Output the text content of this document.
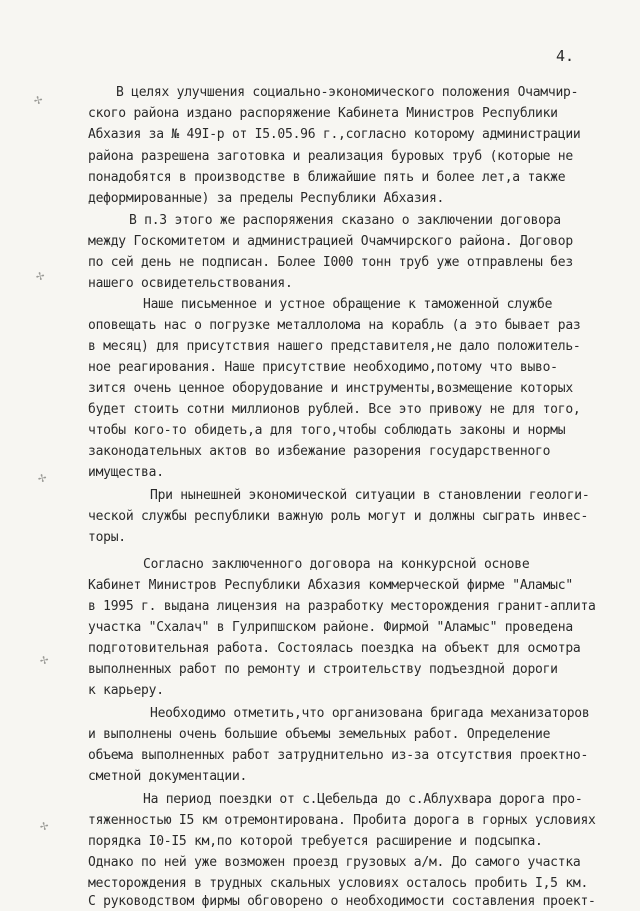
4.
В целях улучшения социально-экономического положения Очамчир-
ского района издано распоряжение Кабинета Министров Республики
Абхазия за № 49I-р от I5.05.96 г.,согласно которому администрации
района разрешена заготовка и реализация буровых труб (которые не
понадобятся в производстве в ближайшие пять и более лет,а также
деформированные) за пределы Республики Абхазия.
В п.3 этого же распоряжения сказано о заключении договора
между Госкомитетом и администрацией Очамчирского района. Договор
по сей день не подписан. Более I000 тонн труб уже отправлены без
нашего освидетельствования.
Наше письменное и устное обращение к таможенной службе
оповещать нас о погрузке металлолома на корабль (а это бывает раз
в месяц) для присутствия нашего представителя,не дало положитель-
ное реагирования. Наше присутствие необходимо,потому что выво-
зится очень ценное оборудование и инструменты,возмещение которых
будет стоить сотни миллионов рублей. Все это привожу не для того,
чтобы кого-то обидеть,а для того,чтобы соблюдать законы и нормы
законодательных актов во избежание разорения государственного
имущества.
При нынешней экономической ситуации в становлении геологи-
ческой службы республики важную роль могут и должны сыграть инвес-
торы.
Согласно заключенного договора на конкурсной основе
Кабинет Министров Республики Абхазия коммерческой фирме "Аламыс"
в 1995 г. выдана лицензия на разработку месторождения гранит-аплита
участка "Схалач" в Гулрипшском районе. Фирмой "Аламыс" проведена
подготовительная работа. Состоялась поездка на объект для осмотра
выполненных работ по ремонту и строительству подъездной дороги
к карьеру.
Необходимо отметить,что организована бригада механизаторов
и выполнены очень большие объемы земельных работ. Определение
объема выполненных работ затруднительно из-за отсутствия проектно-
сметной документации.
На период поездки от с.Цебельда до с.Аблухвара дорога про-
тяженностью I5 км отремонтирована. Пробита дорога в горных условиях
порядка I0-I5 км,по которой требуется расширение и подсыпка.
Однако по ней уже возможен проезд грузовых а/м. До самого участка
месторождения в трудных скальных условиях осталось пробить I,5 км.
С руководством фирмы обговорено о необходимости составления проект-
✢
✢
✢
✢
✢
